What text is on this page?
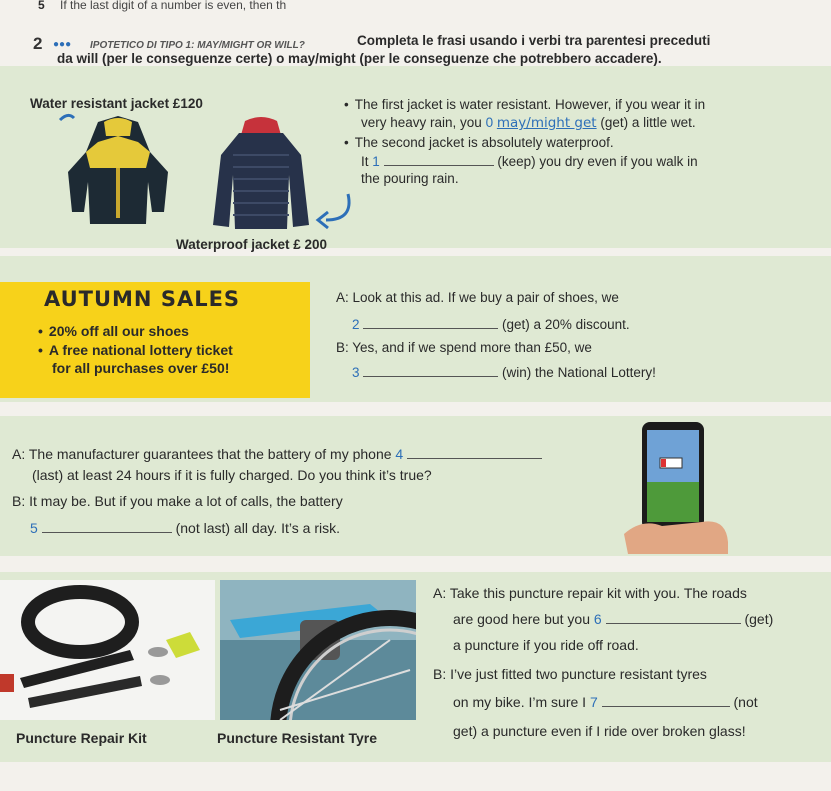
5 If the last digit of a number is even, then th
2 ●●● IPOTETICO DI TIPO 1: MAY/MIGHT OR WILL?	Completa le frasi usando i verbi tra parentesi preceduti
da will (per le conseguenze certe) o may/might (per le conseguenze che potrebbero accadere).
Water resistant jacket £120
Waterproof jacket £ 200
• The first jacket is water resistant. However, if you wear it in
very heavy rain, you 0 may/might get (get) a little wet.
• The second jacket is absolutely waterproof.
It 1	(keep) you dry even if you walk in
the pouring rain.
AUTUMN SALES
• 20% off all our shoes
• A free national lottery ticket
for all purchases over £50!
A: Look at this ad. If we buy a pair of shoes, we
2	(get) a 20% discount.
B: Yes, and if we spend more than £50, we
3	(win) the National Lottery!
A: The manufacturer guarantees that the battery of my phone 4
(last) at least 24 hours if it is fully charged. Do you think it’s true?
B: It may be. But if you make a lot of calls, the battery
5	(not last) all day. It’s a risk.
Puncture Repair Kit	Puncture Resistant Tyre
A: Take this puncture repair kit with you. The roads
are good here but you 6	(get)
a puncture if you ride off road.
B: I’ve just fitted two puncture resistant tyres
on my bike. I’m sure I 7	(not
get) a puncture even if I ride over broken glass!
